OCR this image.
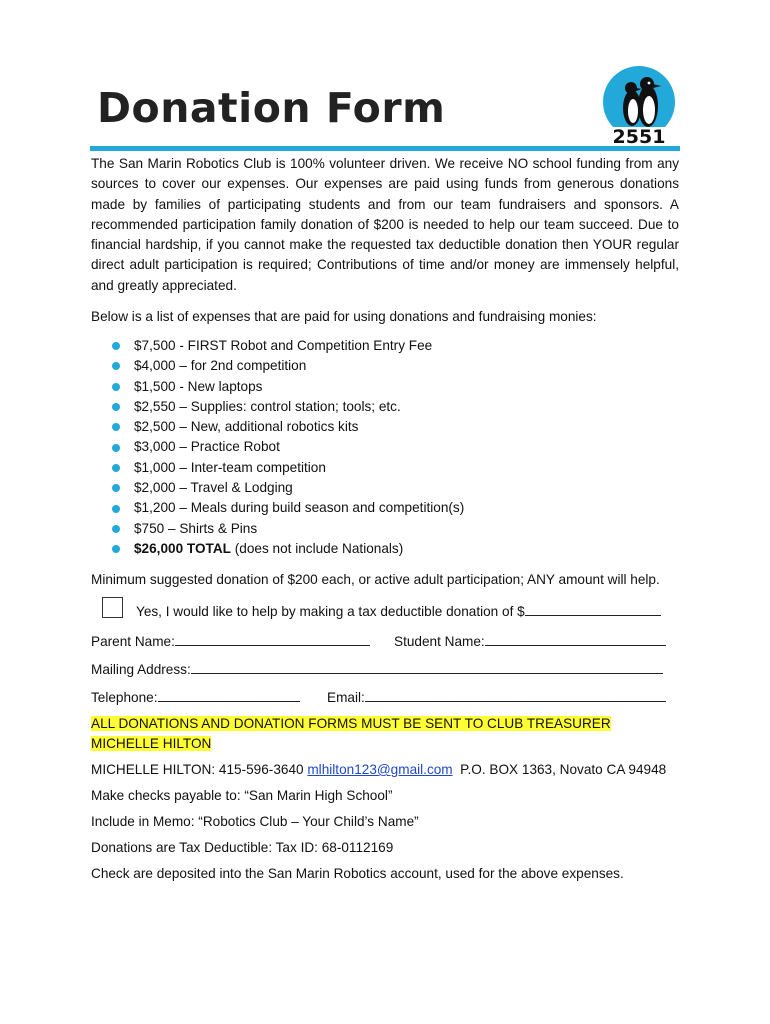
Donation Form
2551

The San Marin Robotics Club is 100% volunteer driven. We receive NO school funding from any sources to cover our expenses. Our expenses are paid using funds from generous donations made by families of participating students and from our team fundraisers and sponsors. A recommended participation family donation of $200 is needed to help our team succeed. Due to financial hardship, if you cannot make the requested tax deductible donation then YOUR regular direct adult participation is required; Contributions of time and/or money are immensely helpful, and greatly appreciated.

Below is a list of expenses that are paid for using donations and fundraising monies:

$7,500 - FIRST Robot and Competition Entry Fee
$4,000 – for 2nd competition
$1,500 - New laptops
$2,550 – Supplies: control station; tools; etc.
$2,500 – New, additional robotics kits
$3,000 – Practice Robot
$1,000 – Inter-team competition
$2,000 – Travel & Lodging
$1,200 – Meals during build season and competition(s)
$750 – Shirts & Pins
$26,000 TOTAL (does not include Nationals)
Minimum suggested donation of $200 each, or active adult participation; ANY amount will help.
Yes, I would like to help by making a tax deductible donation of $
Parent Name:	Student Name:
Mailing Address:
Telephone:	Email:

ALL DONATIONS AND DONATION FORMS MUST BE SENT TO CLUB TREASURER MICHELLE HILTON

MICHELLE HILTON: 415-596-3640 mlhilton123@gmail.com  P.O. BOX 1363, Novato CA 94948
Make checks payable to: “San Marin High School”
Include in Memo: “Robotics Club – Your Child’s Name”
Donations are Tax Deductible: Tax ID: 68-0112169
Check are deposited into the San Marin Robotics account, used for the above expenses.
